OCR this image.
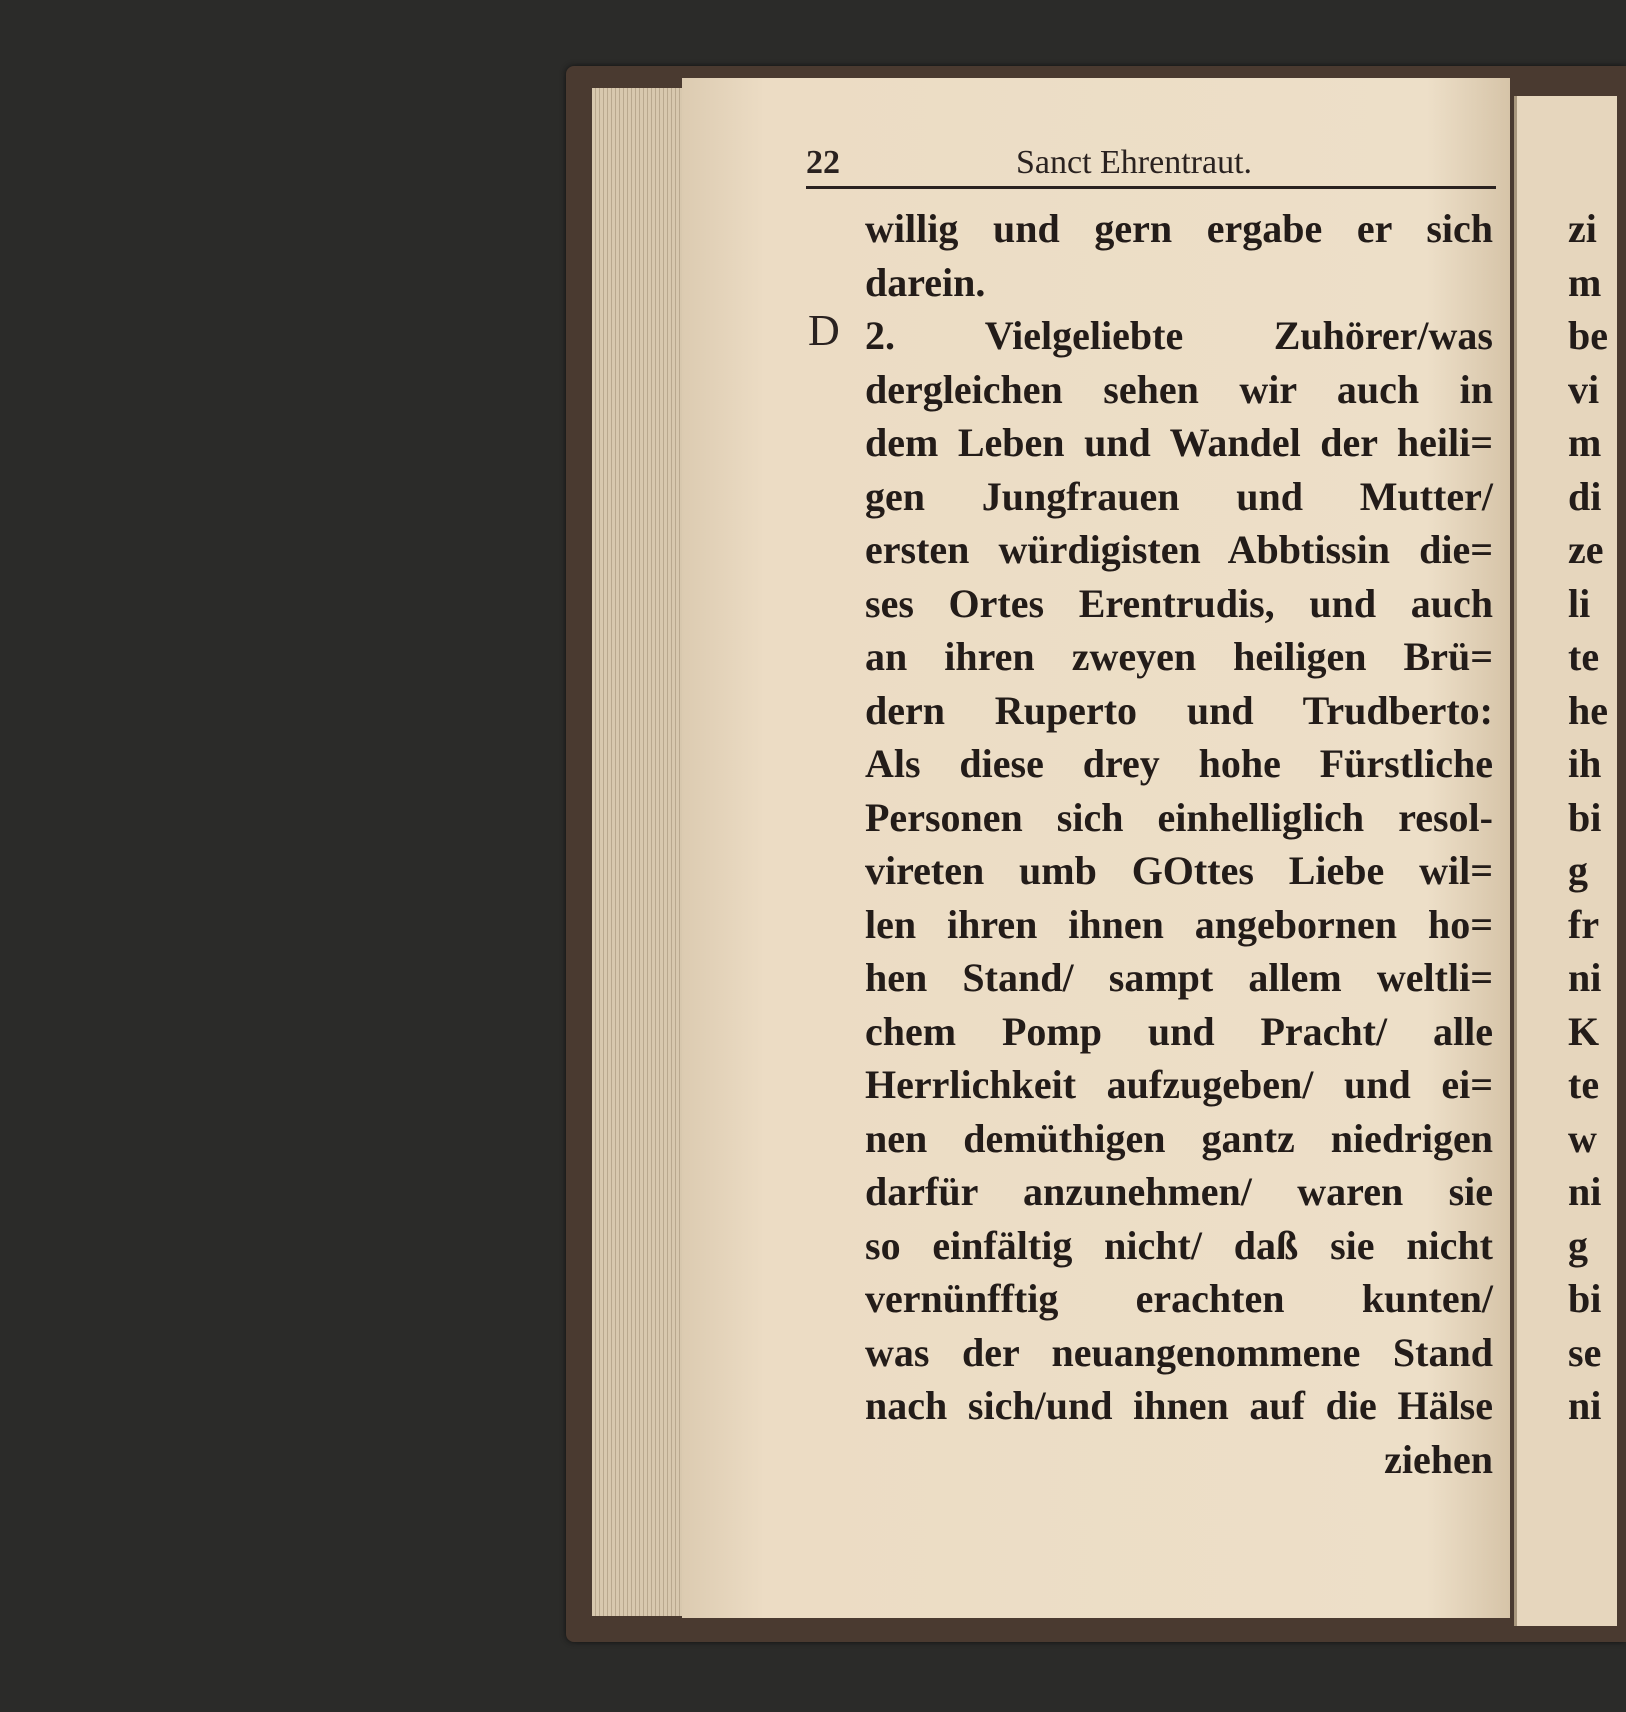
22	Sanct Ehrentraut.
D
willig und gern ergabe er sich
darein.
2. Vielgeliebte Zuhörer/was
dergleichen sehen wir auch in
dem Leben und Wandel der heili=
gen Jungfrauen und Mutter/
ersten würdigisten Abbtissin die=
ses Ortes Erentrudis, und auch
an ihren zweyen heiligen Brü=
dern Ruperto und Trudberto:
Als diese drey hohe Fürstliche
Personen sich einhelliglich resol-
vireten umb GOttes Liebe wil=
len ihren ihnen angebornen ho=
hen Stand/ sampt allem weltli=
chem Pomp und Pracht/ alle
Herrlichkeit aufzugeben/ und ei=
nen demüthigen gantz niedrigen
darfür anzunehmen/ waren sie
so einfältig nicht/ daß sie nicht
vernünfftig erachten kunten/
was der neuangenommene Stand
nach sich/und ihnen auf die Hälse
ziehen
zi
m
be
vi
m
di
ze
li
te
he
ih
bi
g
fr
ni
K
te
w
ni
g
bi
se
ni
